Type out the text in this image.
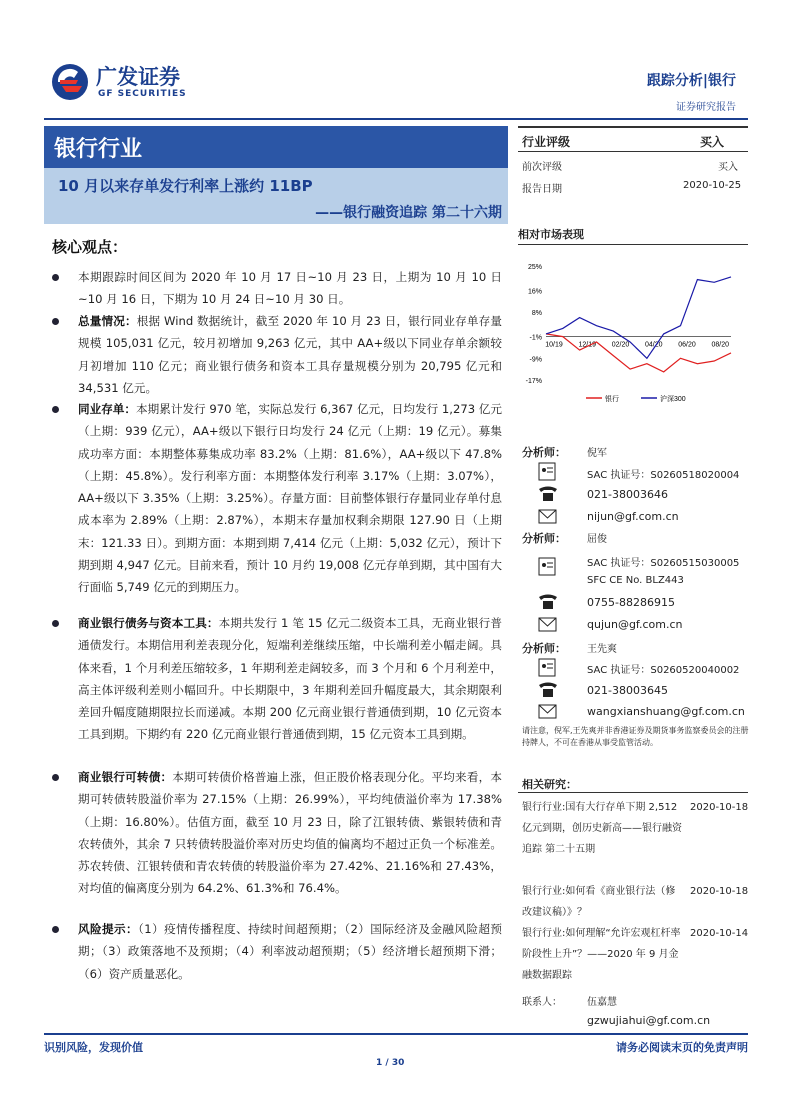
广发证券
GF SECURITIES
跟踪分析|银行
证券研究报告
银行行业
10 月以来存单发行利率上涨约 11BP
——银行融资追踪 第二十六期
核心观点：
本期跟踪时间区间为 2020 年 10 月 17 日~10 月 23 日，上期为 10 月 10 日~10 月 16 日，下期为 10 月 24 日~10 月 30 日。
总量情况：根据 Wind 数据统计，截至 2020 年 10 月 23 日，银行同业存单存量规模 105,031 亿元，较月初增加 9,263 亿元，其中 AA+级以下同业存单余额较月初增加 110 亿元；商业银行债务和资本工具存量规模分别为 20,795 亿元和 34,531 亿元。
同业存单：本期累计发行 970 笔，实际总发行 6,367 亿元，日均发行 1,273 亿元（上期：939 亿元），AA+级以下银行日均发行 24 亿元（上期：19 亿元）。募集成功率方面：本期整体募集成功率 83.2%（上期：81.6%），AA+级以下 47.8%（上期：45.8%）。发行利率方面：本期整体发行利率 3.17%（上期：3.07%），AA+级以下 3.35%（上期：3.25%）。存量方面：目前整体银行存量同业存单付息成本率为 2.89%（上期：2.87%），本期末存量加权剩余期限 127.90 日（上期末：121.33 日）。到期方面：本期到期 7,414 亿元（上期：5,032 亿元），预计下期到期 4,947 亿元。目前来看，预计 10 月约 19,008 亿元存单到期，其中国有大行面临 5,749 亿元的到期压力。
商业银行债务与资本工具：本期共发行 1 笔 15 亿元二级资本工具，无商业银行普通债发行。本期信用利差表现分化，短端利差继续压缩，中长端利差小幅走阔。具体来看，1 个月利差压缩较多，1 年期利差走阔较多，而 3 个月和 6 个月利差中，高主体评级利差则小幅回升。中长期限中，3 年期利差回升幅度最大，其余期限利差回升幅度随期限拉长而递减。本期 200 亿元商业银行普通债到期，10 亿元资本工具到期。下期约有 220 亿元商业银行普通债到期，15 亿元资本工具到期。
商业银行可转债：本期可转债价格普遍上涨，但正股价格表现分化。平均来看，本期可转债转股溢价率为 27.15%（上期：26.99%），平均纯债溢价率为 17.38%（上期：16.80%）。估值方面，截至 10 月 23 日，除了江银转债、紫银转债和青农转债外，其余 7 只转债转股溢价率对历史均值的偏离均不超过正负一个标准差。苏农转债、江银转债和青农转债的转股溢价率为 27.42%、21.16%和 27.43%，对均值的偏离度分别为 64.2%、61.3%和 76.4%。
风险提示：（1）疫情传播程度、持续时间超预期；（2）国际经济及金融风险超预期；（3）政策落地不及预期；（4）利率波动超预期；（5）经济增长超预期下滑；（6）资产质量恶化。
行业评级	买入
前次评级	买入
报告日期	2020-10-25
相对市场表现
25%
16%
8%
-1%
-9%
-17%
10/19 12/19 02/20 04/20 06/20 08/20
银行	沪深300
分析师： 倪军
SAC 执证号：S0260518020004
021-38003646
nijun@gf.com.cn
分析师： 屈俊
SAC 执证号：S0260515030005
SFC CE No. BLZ443
0755-88286915
qujun@gf.com.cn
分析师： 王先爽
SAC 执证号：S0260520040002
021-38003645
wangxianshuang@gf.com.cn
请注意，倪军,王先爽并非香港证券及期货事务监察委员会的注册持牌人，不可在香港从事受监管活动。
相关研究：
银行行业:国有大行存单下期 2,512 亿元到期，创历史新高——银行融资追踪 第二十五期
2020-10-18
银行行业:如何看《商业银行法（修改建议稿）》？
2020-10-18
银行行业:如何理解“允许宏观杠杆率阶段性上升”？——2020 年 9 月金融数据跟踪
2020-10-14
联系人：	伍嘉慧
gzwujiahui@gf.com.cn
识别风险，发现价值
1 / 30
请务必阅读末页的免责声明
